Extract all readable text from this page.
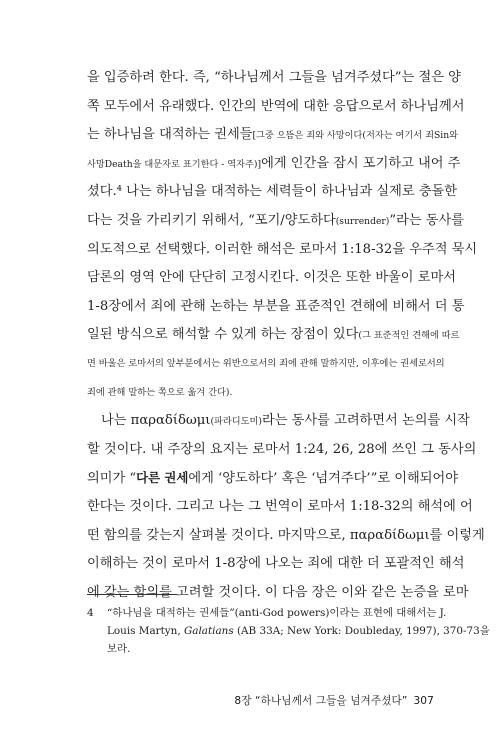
을 입증하려 한다. 즉, “하나님께서 그들을 넘겨주셨다”는 절은 양
쪽 모두에서 유래했다. 인간의 반역에 대한 응답으로서 하나님께서
는 하나님을 대적하는 권세들[그중 으뜸은 죄와 사망이다(저자는 여기서 죄Sin와
사망Death을 대문자로 표기한다 - 역자주)]에게 인간을 잠시 포기하고 내어 주
셨다.⁴ 나는 하나님을 대적하는 세력들이 하나님과 실제로 충돌한
다는 것을 가리키기 위해서, “포기/양도하다(surrender)”라는 동사를
의도적으로 선택했다. 이러한 해석은 로마서 1:18-32을 우주적 묵시
담론의 영역 안에 단단히 고정시킨다. 이것은 또한 바울이 로마서
1-8장에서 죄에 관해 논하는 부분을 표준적인 견해에 비해서 더 통
일된 방식으로 해석할 수 있게 하는 장점이 있다(그 표준적인 견해에 따르
면 바울은 로마서의 앞부분에서는 위반으로서의 죄에 관해 말하지만, 이후에는 권세로서의
죄에 관해 말하는 쪽으로 옮겨 간다).
나는 παραδίδωμι(파라디도미)라는 동사를 고려하면서 논의를 시작
할 것이다. 내 주장의 요지는 로마서 1:24, 26, 28에 쓰인 그 동사의
의미가 “다른 권세에게 ‘양도하다’ 혹은 ‘넘겨주다’”로 이해되어야
한다는 것이다. 그리고 나는 그 번역이 로마서 1:18-32의 해석에 어
떤 함의를 갖는지 살펴볼 것이다. 마지막으로, παραδίδωμι를 이렇게
이해하는 것이 로마서 1-8장에 나오는 죄에 대한 더 포괄적인 해석
에 갖는 함의를 고려할 것이다. 이 다음 장은 이와 같은 논증을 로마
4 “하나님을 대적하는 권세들”(anti-God powers)이라는 표현에 대해서는 J.
Louis Martyn, Galatians (AB 33A; New York: Doubleday, 1997), 370-73을
보라.
8장 “하나님께서 그들을 넘겨주셨다” 307
